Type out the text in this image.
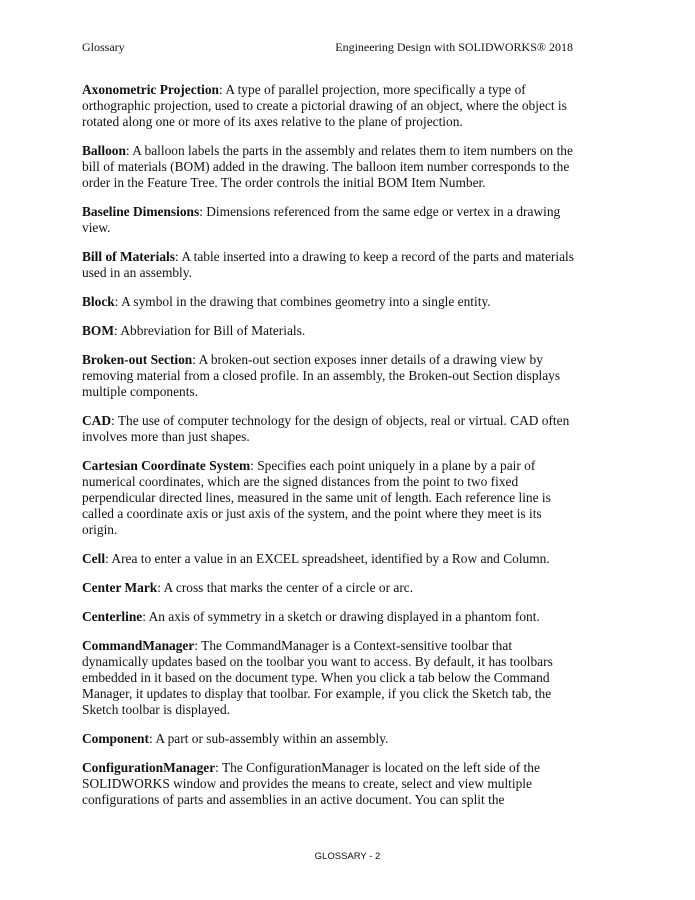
Glossary	Engineering Design with SOLIDWORKS® 2018

Axonometric Projection: A type of parallel projection, more specifically a type of orthographic projection, used to create a pictorial drawing of an object, where the object is rotated along one or more of its axes relative to the plane of projection.

Balloon: A balloon labels the parts in the assembly and relates them to item numbers on the bill of materials (BOM) added in the drawing. The balloon item number corresponds to the order in the Feature Tree. The order controls the initial BOM Item Number.

Baseline Dimensions: Dimensions referenced from the same edge or vertex in a drawing view.

Bill of Materials: A table inserted into a drawing to keep a record of the parts and materials used in an assembly.

Block: A symbol in the drawing that combines geometry into a single entity.

BOM: Abbreviation for Bill of Materials.

Broken-out Section: A broken-out section exposes inner details of a drawing view by removing material from a closed profile. In an assembly, the Broken-out Section displays multiple components.

CAD: The use of computer technology for the design of objects, real or virtual. CAD often involves more than just shapes.

Cartesian Coordinate System: Specifies each point uniquely in a plane by a pair of numerical coordinates, which are the signed distances from the point to two fixed perpendicular directed lines, measured in the same unit of length. Each reference line is called a coordinate axis or just axis of the system, and the point where they meet is its origin.

Cell: Area to enter a value in an EXCEL spreadsheet, identified by a Row and Column.

Center Mark: A cross that marks the center of a circle or arc.

Centerline: An axis of symmetry in a sketch or drawing displayed in a phantom font.

CommandManager: The CommandManager is a Context-sensitive toolbar that dynamically updates based on the toolbar you want to access. By default, it has toolbars embedded in it based on the document type. When you click a tab below the Command Manager, it updates to display that toolbar. For example, if you click the Sketch tab, the Sketch toolbar is displayed.

Component: A part or sub-assembly within an assembly.

ConfigurationManager: The ConfigurationManager is located on the left side of the SOLIDWORKS window and provides the means to create, select and view multiple configurations of parts and assemblies in an active document. You can split the

GLOSSARY - 2
